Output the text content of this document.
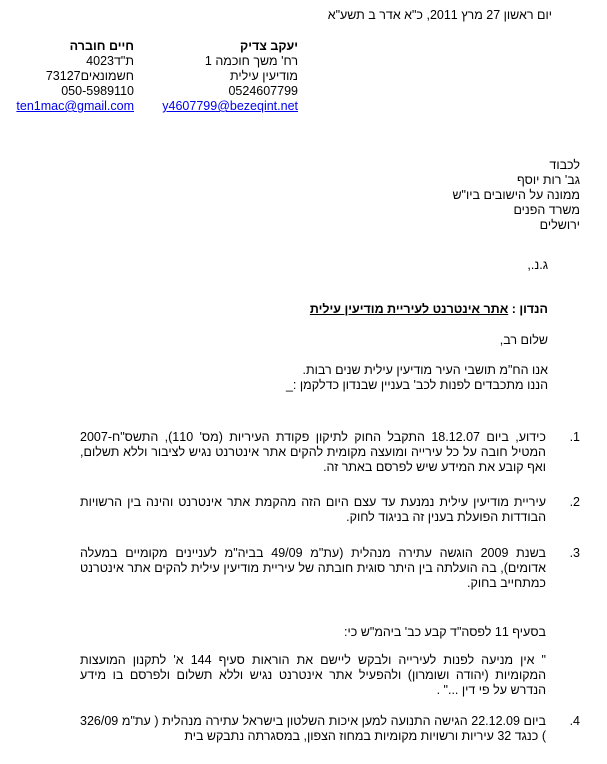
יום ראשון 27 מרץ 2011, כ"א אדר ב תשע"א
יעקב צדיק
רח' משך חוכמה 1
מודיעין עילית
0524607799
y4607799@bezeqint.net
חיים חוברה
ת"ד4023
חשמונאים73127
050-5989110
ten1mac@gmail.com
לכבוד
גב' רות יוסף
ממונה על הישובים ביו"ש
משרד הפנים
ירושלים
ג.נ.,
הנדון : אתר אינטרנט לעיריית מודיעין עילית
שלום רב,
אנו הח"מ תושבי העיר מודיעין עילית שנים רבות.
הננו מתכבדים לפנות לכב' בעניין שבנדון כדלקמן :_
1.
כידוע, ביום 18.12.07 התקבל החוק לתיקון פקודת העיריות (מס' 110), התשס"ח-2007 המטיל חובה על כל עירייה ומועצה מקומית להקים אתר אינטרנט נגיש לציבור וללא תשלום, ואף קובע את המידע שיש לפרסם באתר זה.
2.
עיריית מודיעין עילית נמנעת עד עצם היום הזה מהקמת אתר אינטרנט והינה בין הרשויות הבודדות הפועלת בענין זה בניגוד לחוק.
3.
בשנת 2009 הוגשה עתירה מנהלית (עת"מ 49/09 בביה"מ לעניינים מקומיים במעלה אדומים), בה הועלתה בין היתר סוגית חובתה של עיריית מודיעין עילית להקים אתר אינטרנט כמתחייב בחוק.
בסעיף 11 לפסה"ד קבע כב' ביהמ"ש כי:
" אין מניעה לפנות לעירייה ולבקש ליישם את הוראות סעיף 144 א' לתקנון המועצות המקומיות (יהודה ושומרון) ולהפעיל אתר אינטרנט נגיש וללא תשלום ולפרסם בו מידע הנדרש על פי דין ..." .
4.
ביום 22.12.09 הגישה התנועה למען איכות השלטון בישראל עתירה מנהלית ( עת"מ 326/09 ) כנגד 32 עיריות ורשויות מקומיות במחוז הצפון, במסגרתה נתבקש בית
